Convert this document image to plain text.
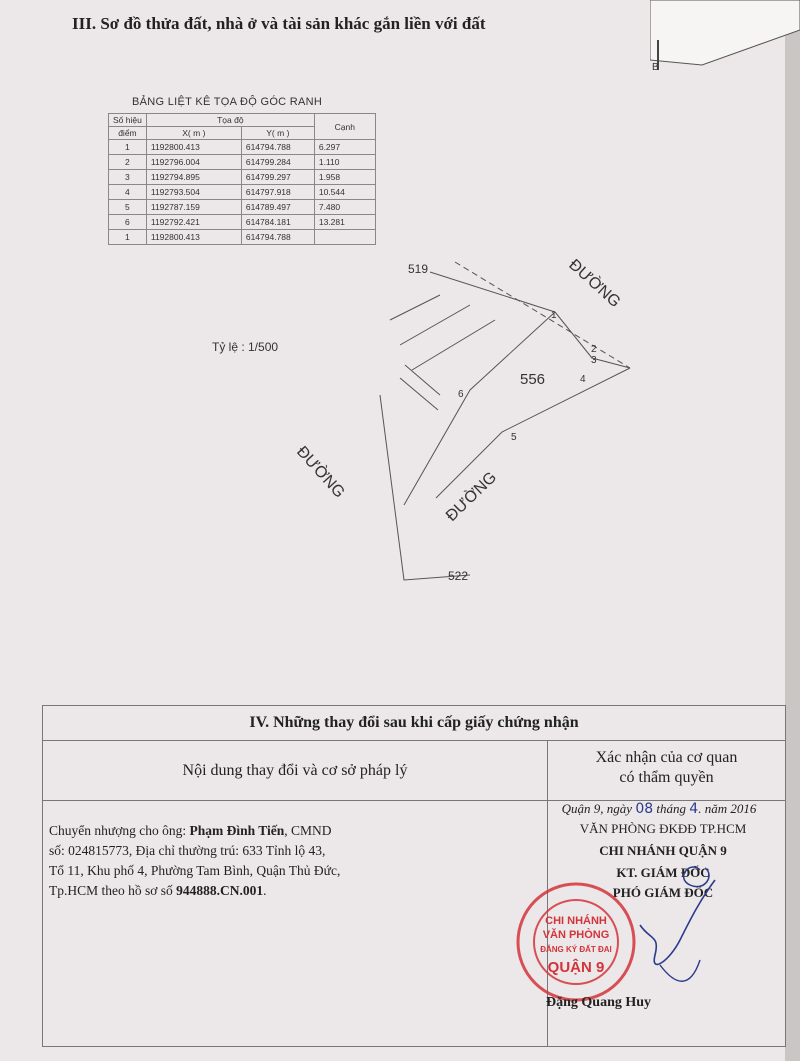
III. Sơ đồ thửa đất, nhà ở và tài sản khác gắn liền với đất
BẢNG LIỆT KÊ TỌA ĐỘ GÓC RANH
Số hiệu	Tọa độ		Cạnh
điểm	X( m )	Y( m )	
1	1192800.413	614794.788	6.297
2	1192796.004	614799.284	1.110
3	1192794.895	614799.297	1.958
4	1192793.504	614797.918	10.544
5	1192787.159	614789.497	7.480
6	1192792.421	614784.181	13.281
1	1192800.413	614794.788	
Tỷ lệ : 1/500
519
556
522
1
2
3
4
5
6
ĐƯỜNG
ĐƯỜNG	ĐƯỜNG
B
IV. Những thay đổi sau khi cấp giấy chứng nhận
Nội dung thay đổi và cơ sở pháp lý
Xác nhận của cơ quan
có thẩm quyền
Chuyển nhượng cho ông: Phạm Đình Tiến, CMND số: 024815773, Địa chỉ thường trú: 633 Tỉnh lộ 43, Tổ 11, Khu phố 4, Phường Tam Bình, Quận Thủ Đức, Tp.HCM theo hồ sơ số 944888.CN.001.
Quận 9, ngày 08 tháng 4. năm 2016
VĂN PHÒNG ĐKĐĐ TP.HCM
CHI NHÁNH QUẬN 9
KT. GIÁM ĐỐC
PHÓ GIÁM ĐỐC
CHI NHÁNH
VĂN PHÒNG
ĐĂNG KÝ ĐẤT ĐAI
QUẬN 9
Đặng Quang Huy
